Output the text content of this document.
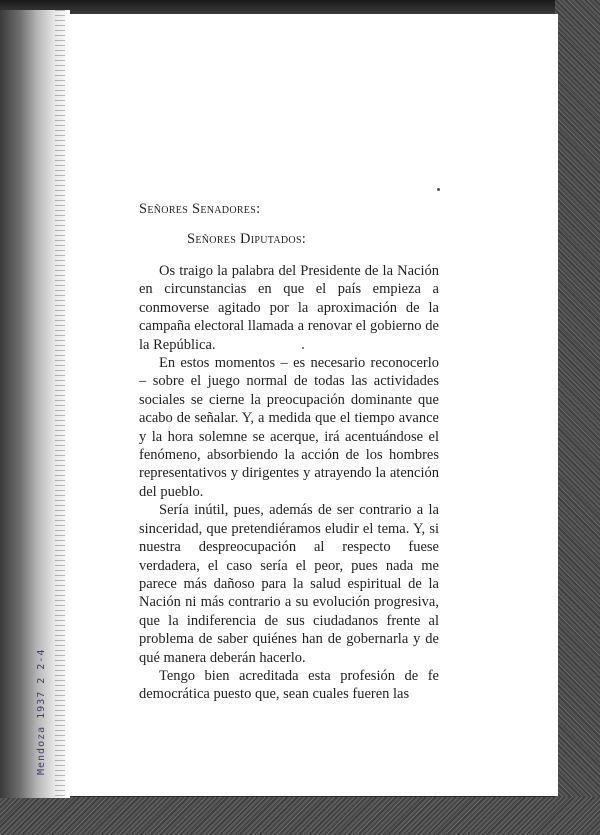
Mendoza 1937 2 2-4

Señores Senadores:

Señores Diputados:

Os traigo la palabra del Presidente de la Nación en circunstancias en que el país empieza a conmoverse agitado por la aproximación de la campaña electoral llamada a renovar el gobierno de la República.

En estos momentos – es necesario reconocerlo – sobre el juego normal de todas las actividades sociales se cierne la preocupación dominante que acabo de señalar. Y, a medida que el tiempo avance y la hora solemne se acerque, irá acentuándose el fenómeno, absorbiendo la acción de los hombres representativos y dirigentes y atrayendo la atención del pueblo.

Sería inútil, pues, además de ser contrario a la sinceridad, que pretendiéramos eludir el tema. Y, si nuestra despreocupación al respecto fuese verdadera, el caso sería el peor, pues nada me parece más dañoso para la salud espiritual de la Nación ni más contrario a su evolución progresiva, que la indiferencia de sus ciudadanos frente al problema de saber quiénes han de gobernarla y de qué manera deberán hacerlo.

Tengo bien acreditada esta profesión de fe democrática puesto que, sean cuales fueren las
